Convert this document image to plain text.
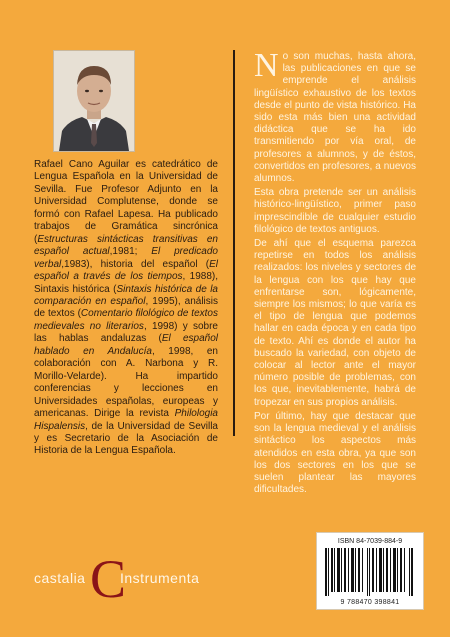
Rafael Cano Aguilar es catedrático de Lengua Española en la Universidad de Sevilla. Fue Profesor Adjunto en la Universidad Complutense, donde se formó con Rafael Lapesa. Ha publicado trabajos de Gramática sincrónica (Estructuras sintácticas transitivas en español actual,1981; El predicado verbal,1983), historia del español (El español a través de los tiempos, 1988), Sintaxis histórica (Sintaxis histórica de la comparación en español, 1995), análisis de textos (Comentario filológico de textos medievales no literarios, 1998) y sobre las hablas andaluzas (El español hablado en Andalucía, 1998, en colaboración con A. Narbona y R. Morillo-Velarde). Ha impartido conferencias y lecciones en Universidades españolas, europeas y americanas. Dirige la revista Philologia Hispalensis, de la Universidad de Sevilla y es Secretario de la Asociación de Historia de la Lengua Española.

No son muchas, hasta ahora, las publicaciones en que se emprende el análisis lingüístico exhaustivo de los textos desde el punto de vista histórico. Ha sido esta más bien una actividad didáctica que se ha ido transmitiendo por vía oral, de profesores a alumnos, y de éstos, convertidos en profesores, a nuevos alumnos.

Esta obra pretende ser un análisis histórico-lingüístico, primer paso imprescindible de cualquier estudio filológico de textos antiguos.

De ahí que el esquema parezca repetirse en todos los análisis realizados: los niveles y sectores de la lengua con los que hay que enfrentarse son, lógicamente, siempre los mismos; lo que varía es el tipo de lengua que podemos hallar en cada época y en cada tipo de texto. Ahí es donde el autor ha buscado la variedad, con objeto de colocar al lector ante el mayor número posible de problemas, con los que, inevitablemente, habrá de tropezar en sus propios análisis.

Por último, hay que destacar que son la lengua medieval y el análisis sintáctico los aspectos más atendidos en esta obra, ya que son los dos sectores en los que se suelen plantear las mayores dificultades.

castalia C
Instrumenta
ISBN 84-7039-884-9
9 788470 398841
